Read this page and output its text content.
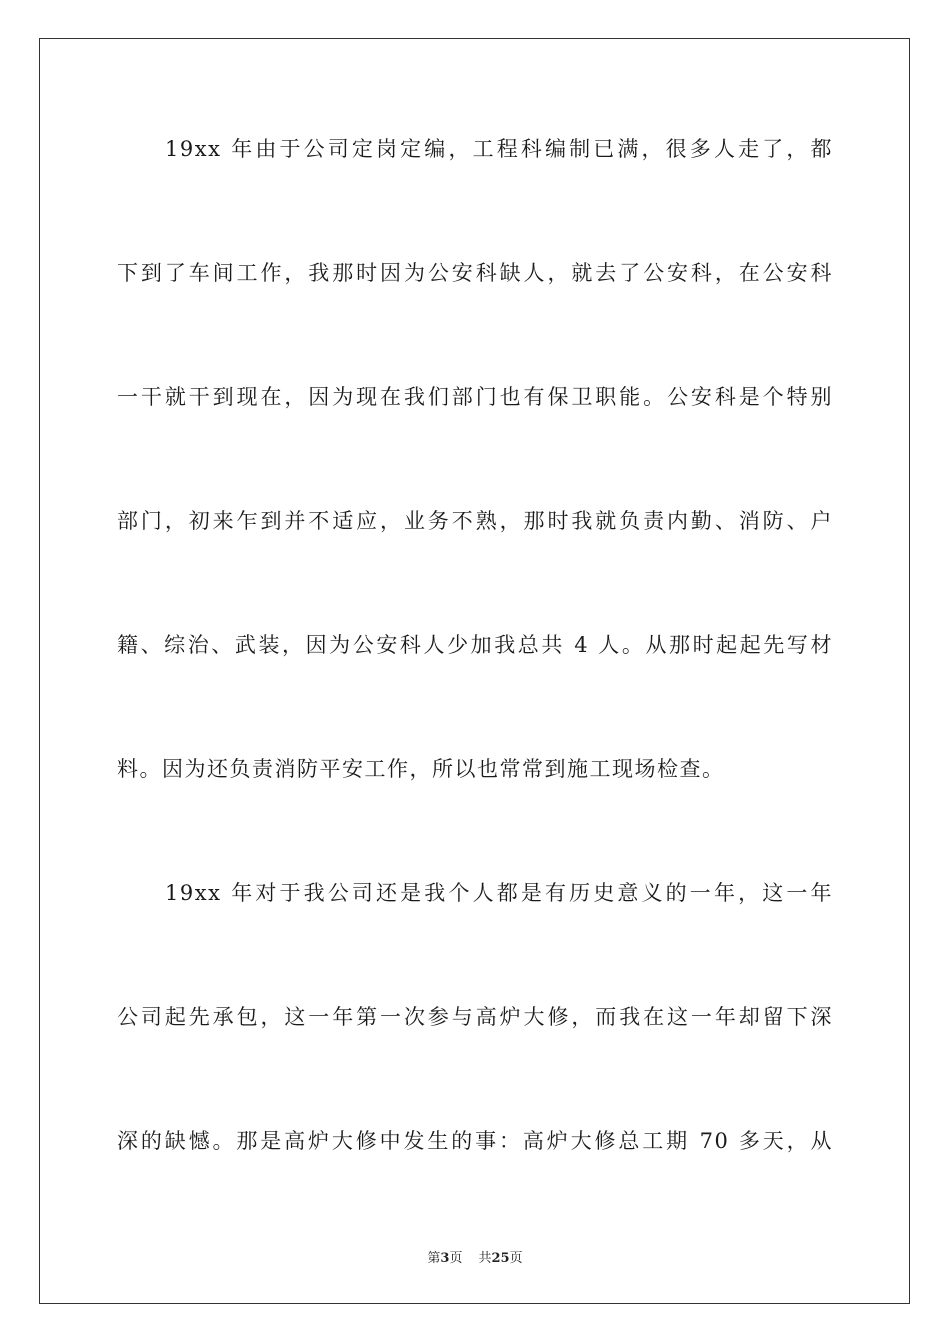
19xx 年由于公司定岗定编，工程科编制已满，很多人走了，都
下到了车间工作，我那时因为公安科缺人，就去了公安科，在公安科
一干就干到现在，因为现在我们部门也有保卫职能。公安科是个特别
部门，初来乍到并不适应，业务不熟，那时我就负责内勤、消防、户
籍、综治、武装，因为公安科人少加我总共 4 人。从那时起起先写材
料。因为还负责消防平安工作，所以也常常到施工现场检查。
19xx 年对于我公司还是我个人都是有历史意义的一年，这一年
公司起先承包，这一年第一次参与高炉大修，而我在这一年却留下深
深的缺憾。那是高炉大修中发生的事：高炉大修总工期 70 多天，从
第3页 共25页
